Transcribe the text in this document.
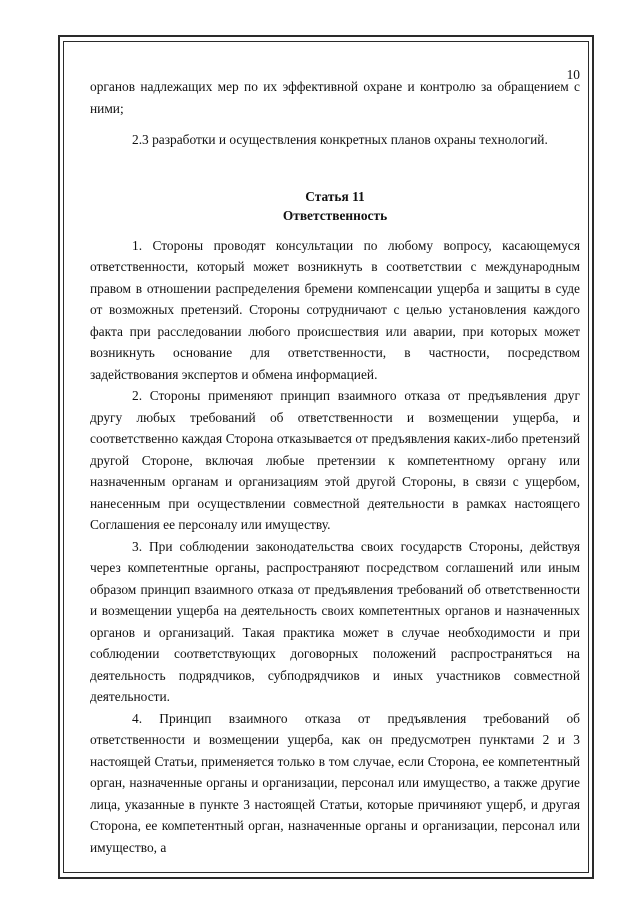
10

органов надлежащих мер по их эффективной охране и контролю за обращением с ними;

2.3 разработки и осуществления конкретных планов охраны технологий.

Статья 11

Ответственность

1. Стороны проводят консультации по любому вопросу, касающемуся ответственности, который может возникнуть в соответствии с международным правом в отношении распределения бремени компенсации ущерба и защиты в суде от возможных претензий. Стороны сотрудничают с целью установления каждого факта при расследовании любого происшествия или аварии, при которых может возникнуть основание для ответственности, в частности, посредством задействования экспертов и обмена информацией.

2. Стороны применяют принцип взаимного отказа от предъявления друг другу любых требований об ответственности и возмещении ущерба, и соответственно каждая Сторона отказывается от предъявления каких-либо претензий другой Стороне, включая любые претензии к компетентному органу или назначенным органам и организациям этой другой Стороны, в связи с ущербом, нанесенным при осуществлении совместной деятельности в рамках настоящего Соглашения ее персоналу или имуществу.

3. При соблюдении законодательства своих государств Стороны, действуя через компетентные органы, распространяют посредством соглашений или иным образом принцип взаимного отказа от предъявления требований об ответственности и возмещении ущерба на деятельность своих компетентных органов и назначенных органов и организаций. Такая практика может в случае необходимости и при соблюдении соответствующих договорных положений распространяться на деятельность подрядчиков, субподрядчиков и иных участников совместной деятельности.

4. Принцип взаимного отказа от предъявления требований об ответственности и возмещении ущерба, как он предусмотрен пунктами 2 и 3 настоящей Статьи, применяется только в том случае, если Сторона, ее компетентный орган, назначенные органы и организации, персонал или имущество, а также другие лица, указанные в пункте 3 настоящей Статьи, которые причиняют ущерб, и другая Сторона, ее компетентный орган, назначенные органы и организации, персонал или имущество, а
